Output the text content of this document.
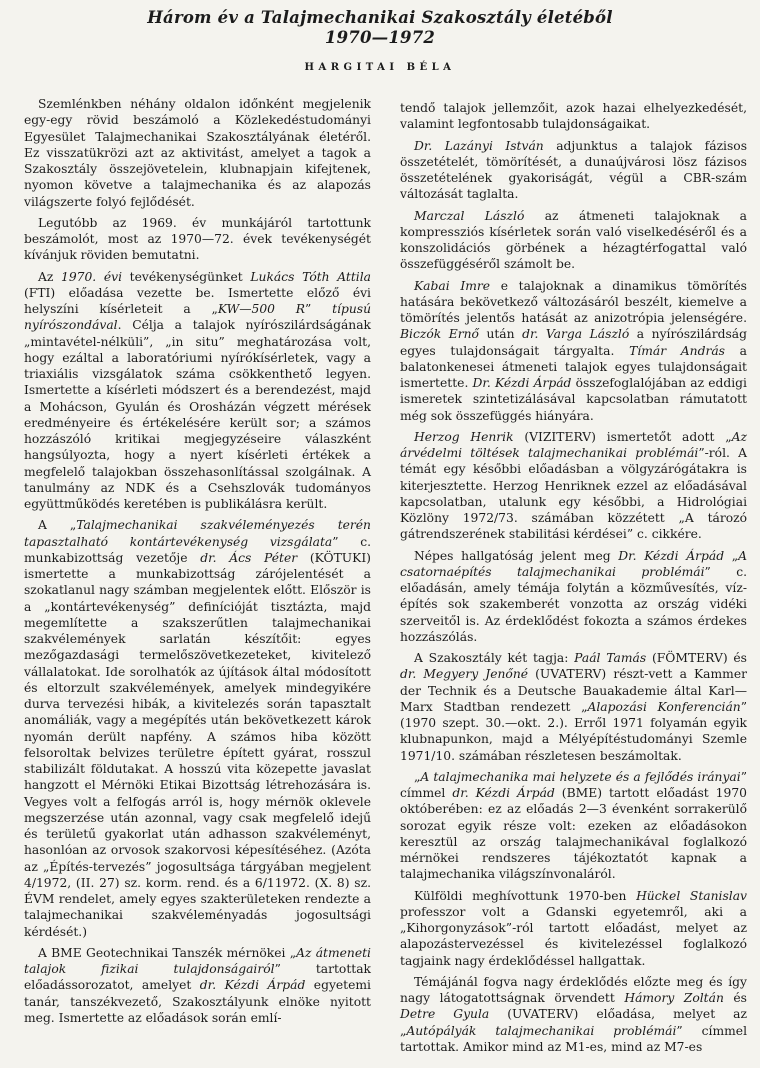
Három év a Talajmechanikai Szakosztály életéből
1970—1972
HARGITAI BÉLA

Szemlénkben néhány oldalon időnként megjelenik egy-egy rövid beszámoló a Közlekedéstudományi Egyesület Talajmechanikai Szakosztályának életéről. Ez visszatükrözi azt az aktivitást, amelyet a tagok a Szakosztály összejövetelein, klubnapjain kifejtenek, nyomon követve a talajmechanika és az alapozás világszerte folyó fejlődését.

Legutóbb az 1969. év munkájáról tartottunk beszámolót, most az 1970—72. évek tevékenységét kívánjuk röviden bemutatni.

Az 1970. évi tevékenységünket Lukács Tóth Attila (FTI) előadása vezette be. Ismertette előző évi helyszíni kísérleteit a „KW—500 R” típusú nyírószondával. Célja a talajok nyírószilárdságának „mintavétel-nélküli”, „in situ” meghatározása volt, hogy ezáltal a laboratóriumi nyírókísérletek, vagy a triaxiális vizsgálatok száma csökkenthető legyen. Ismertette a kísérleti módszert és a berendezést, majd a Mohácson, Gyulán és Orosházán végzett mérések eredményeire és értékelésére került sor; a számos hozzászóló kritikai megjegyzéseire válaszként hangsúlyozta, hogy a nyert kísérleti értékek a megfelelő talajokban összehasonlítással szolgálnak. A tanulmány az NDK és a Csehszlovák tudományos együttműködés keretében is publikálásra került.

A „Talajmechanikai szakvéleményezés terén tapasztalható kontártevékenység vizsgálata” c. munkabizottság vezetője dr. Ács Péter (KÖTUKI) ismertette a munkabizottság zárójelentését a szokatlanul nagy számban megjelentek előtt. Először is a „kontártevékenység” definícióját tisztázta, majd megemlítette a szakszerűtlen talajmechanikai szakvélemények sarlatán készítőit: egyes mezőgazdasági termelőszövetkezeteket, kivitelező vállalatokat. Ide sorolhatók az újítások által módosított és eltorzult szakvélemények, amelyek mindegyikére durva tervezési hibák, a kivitelezés során tapasztalt anomáliák, vagy a megépítés után bekövetkezett károk nyomán derült napfény. A számos hiba között felsoroltak belvizes területre épített gyárat, rosszul stabilizált földutakat. A hosszú vita közepette javaslat hangzott el Mérnöki Etikai Bizottság létrehozására is. Vegyes volt a felfogás arról is, hogy mérnök oklevele megszerzése után azonnal, vagy csak megfelelő idejű és területű gyakorlat után adhasson szakvéleményt, hasonlóan az orvosok szakorvosi képesítéséhez. (Azóta az „Építés-tervezés” jogosultsága tárgyában megjelent 4/1972, (II. 27) sz. korm. rend. és a 6/11972. (X. 8) sz. ÉVM rendelet, amely egyes szakterületeken rendezte a talajmechanikai szakvéleményadás jogosultsági kérdését.)

A BME Geotechnikai Tanszék mérnökei „Az átmeneti talajok fizikai tulajdonságairól” tartottak előadássorozatot, amelyet dr. Kézdi Árpád egyetemi tanár, tanszékvezető, Szakosztályunk elnöke nyitott meg. Ismertette az előadások során emlí-

tendő talajok jellemzőit, azok hazai elhelyezkedését, valamint legfontosabb tulajdonságaikat.

Dr. Lazányi István adjunktus a talajok fázisos összetételét, tömörítését, a dunaújvárosi lösz fázisos összetételének gyakoriságát, végül a CBR-szám változását taglalta.

Marczal László az átmeneti talajoknak a kompressziós kísérletek során való viselkedéséről és a konszolidációs görbének a hézagtérfogattal való összefüggéséről számolt be.

Kabai Imre e talajoknak a dinamikus tömörítés hatására bekövetkező változásáról beszélt, kiemelve a tömörítés jelentős hatását az anizotrópia jelenségére. Biczók Ernő után dr. Varga László a nyírószilárdság egyes tulajdonságait tárgyalta. Tímár András a balatonkenesei átmeneti talajok egyes tulajdonságait ismertette. Dr. Kézdi Árpád összefoglalójában az eddigi ismeretek szintetizálásával kapcsolatban rámutatott még sok összefüggés hiányára.

Herzog Henrik (VIZITERV) ismertetőt adott „Az árvédelmi töltések talajmechanikai problémái”-ról. A témát egy későbbi előadásban a völgyzárógátakra is kiterjesztette. Herzog Henriknek ezzel az előadásával kapcsolatban, utalunk egy későbbi, a Hidrológiai Közlöny 1972/73. számában közzétett „A tározó gátrendszerének stabilitási kérdései” c. cikkére.

Népes hallgatóság jelent meg Dr. Kézdi Árpád „A csatornaépítés talajmechanikai problémái” c. előadásán, amely témája folytán a közművesítés, víz-építés sok szakemberét vonzotta az ország vidéki szerveitől is. Az érdeklődést fokozta a számos érdekes hozzászólás.

A Szakosztály két tagja: Paál Tamás (FÖMTERV) és dr. Megyery Jenőné (UVATERV) részt-vett a Kammer der Technik és a Deutsche Bauakademie által Karl—Marx Stadtban rendezett „Alapozási Konferencián” (1970 szept. 30.—okt. 2.). Erről 1971 folyamán egyik klubnapunkon, majd a Mélyépítéstudományi Szemle 1971/10. számában részletesen beszámoltak.

„A talajmechanika mai helyzete és a fejlődés irányai” címmel dr. Kézdi Árpád (BME) tartott előadást 1970 októberében: ez az előadás 2—3 évenként sorrakerülő sorozat egyik része volt: ezeken az előadásokon keresztül az ország talajmechanikával foglalkozó mérnökei rendszeres tájékoztatót kapnak a talajmechanika világszínvonaláról.

Külföldi meghívottunk 1970-ben Hückel Stanislav professzor volt a Gdanski egyetemről, aki a „Kihorgonyzások”-ról tartott előadást, melyet az alapozástervezéssel és kivitelezéssel foglalkozó tagjaink nagy érdeklődéssel hallgattak.

Témájánál fogva nagy érdeklődés előzte meg és így nagy látogatottságnak örvendett Hámory Zoltán és Detre Gyula (UVATERV) előadása, melyet az „Autópályák talajmechanikai problémái” címmel tartottak. Amikor mind az M1-es, mind az M7-es
